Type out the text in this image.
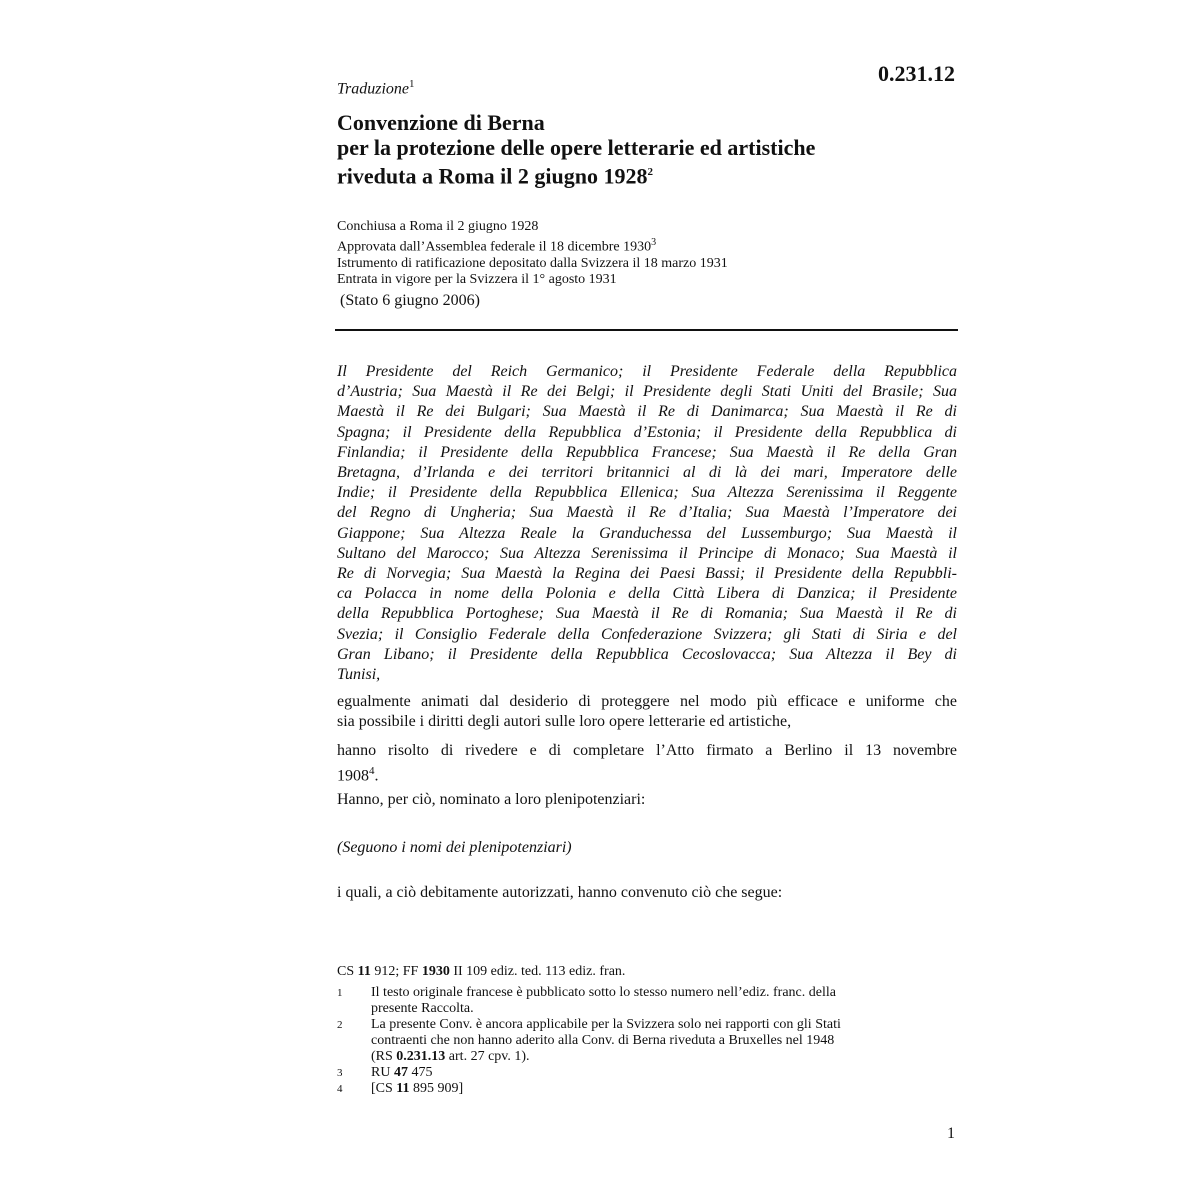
0.231.12
Traduzione$^1$
Convenzione di Berna
per la protezione delle opere letterarie ed artistiche
riveduta a Roma il 2 giugno 1928$^2$
Conchiusa a Roma il 2 giugno 1928
Approvata dall’Assemblea federale il 18 dicembre 1930$^3$
Istrumento di ratificazione depositato dalla Svizzera il 18 marzo 1931
Entrata in vigore per la Svizzera il 1° agosto 1931
(Stato 6 giugno 2006)
Il Presidente del Reich Germanico; il Presidente Federale della Repubblica
d’Austria; Sua Maestà il Re dei Belgi; il Presidente degli Stati Uniti del Brasile; Sua
Maestà il Re dei Bulgari; Sua Maestà il Re di Danimarca; Sua Maestà il Re di
Spagna; il Presidente della Repubblica d’Estonia; il Presidente della Repubblica di
Finlandia; il Presidente della Repubblica Francese; Sua Maestà il Re della Gran
Bretagna, d’Irlanda e dei territori britannici al di là dei mari, Imperatore delle
Indie; il Presidente della Repubblica Ellenica; Sua Altezza Serenissima il Reggente
del Regno di Ungheria; Sua Maestà il Re d’Italia; Sua Maestà l’Imperatore dei
Giappone; Sua Altezza Reale la Granduchessa del Lussemburgo; Sua Maestà il
Sultano del Marocco; Sua Altezza Serenissima il Principe di Monaco; Sua Maestà il
Re di Norvegia; Sua Maestà la Regina dei Paesi Bassi; il Presidente della Repubbli-
ca Polacca in nome della Polonia e della Città Libera di Danzica; il Presidente
della Repubblica Portoghese; Sua Maestà il Re di Romania; Sua Maestà il Re di
Svezia; il Consiglio Federale della Confederazione Svizzera; gli Stati di Siria e del
Gran Libano; il Presidente della Repubblica Cecoslovacca; Sua Altezza il Bey di
Tunisi,
egualmente animati dal desiderio di proteggere nel modo più efficace e uniforme che
sia possibile i diritti degli autori sulle loro opere letterarie ed artistiche,
hanno risolto di rivedere e di completare l’Atto firmato a Berlino il 13 novembre
1908$^4$.
Hanno, per ciò, nominato a loro plenipotenziari:
(Seguono i nomi dei plenipotenziari)
i quali, a ciò debitamente autorizzati, hanno convenuto ciò che segue:
CS 11 912; FF 1930 II 109 ediz. ted. 113 ediz. fran.
1 Il testo originale francese è pubblicato sotto lo stesso numero nell’ediz. franc. della
presente Raccolta.
2 La presente Conv. è ancora applicabile per la Svizzera solo nei rapporti con gli Stati
contraenti che non hanno aderito alla Conv. di Berna riveduta a Bruxelles nel 1948
(RS 0.231.13 art. 27 cpv. 1).
3 RU 47 475
4 [CS 11 895 909]
1
